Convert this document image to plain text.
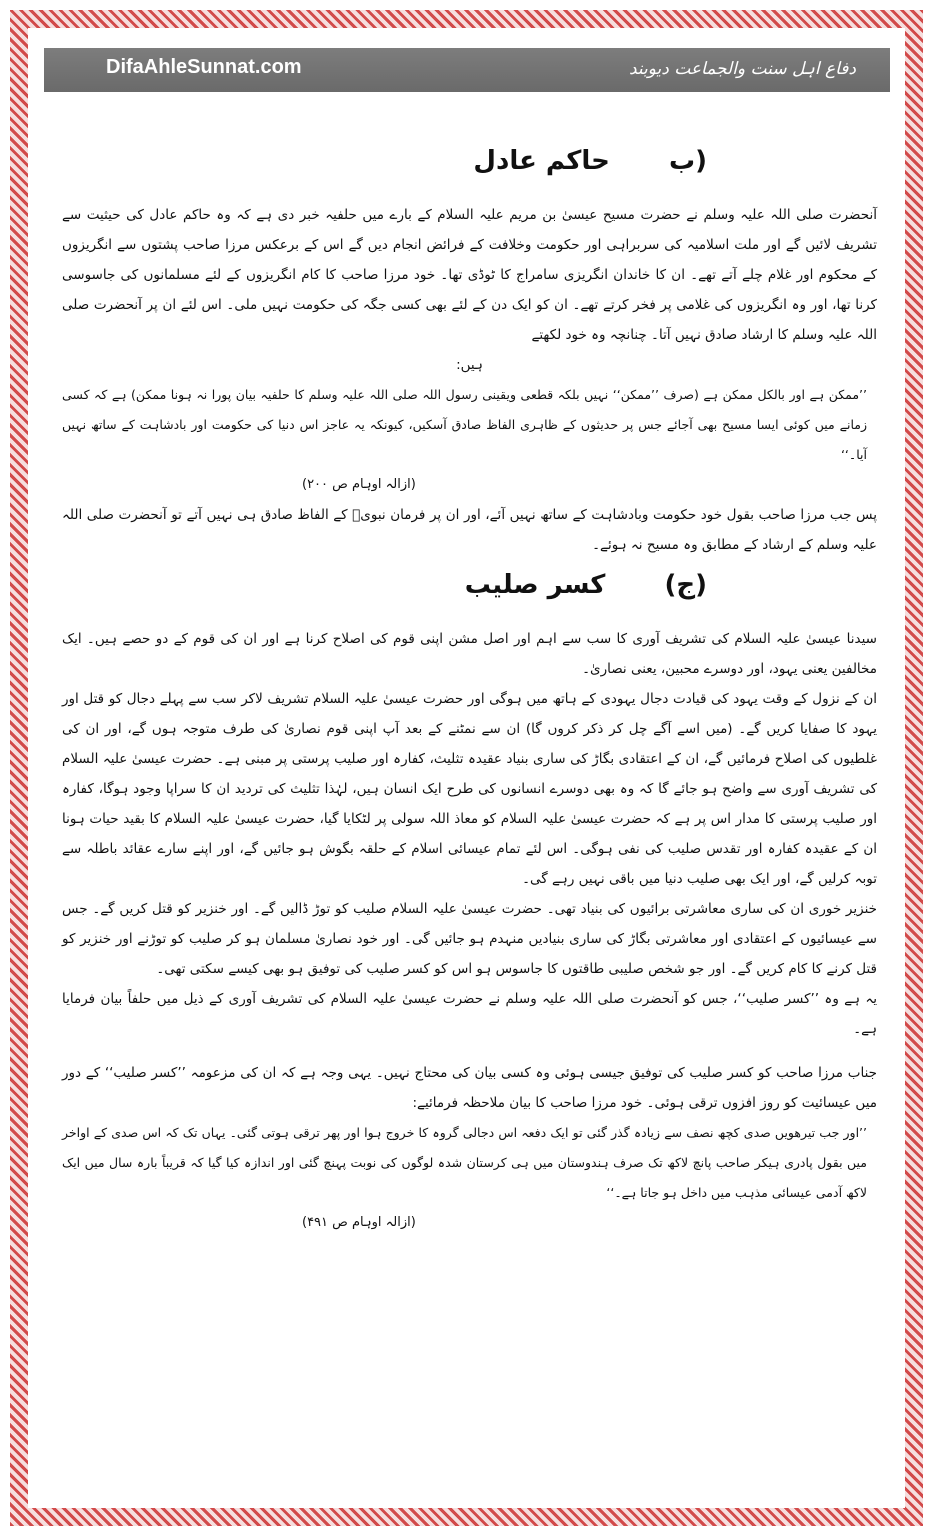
DifaAhleSunnat.com	دفاع اہل سنت والجماعت دیوبند
(ب حاکم عادل

آنحضرت صلی اللہ علیہ وسلم نے حضرت مسیح عیسیٰ بن مریم علیہ السلام کے بارے میں حلفیہ خبر دی ہے کہ وہ حاکم عادل کی حیثیت سے تشریف لائیں گے اور ملت اسلامیہ کی سربراہی اور حکومت وخلافت کے فرائض انجام دیں گے اس کے برعکس مرزا صاحب پشتوں سے انگریزوں کے محکوم اور غلام چلے آتے تھے۔ ان کا خاندان انگریزی سامراج کا ٹوڈی تھا۔ خود مرزا صاحب کا کام انگریزوں کے لئے مسلمانوں کی جاسوسی کرنا تھا، اور وہ انگریزوں کی غلامی پر فخر کرتے تھے۔ ان کو ایک دن کے لئے بھی کسی جگہ کی حکومت نہیں ملی۔ اس لئے ان پر آنحضرت صلی اللہ علیہ وسلم کا ارشاد صادق نہیں آتا۔ چنانچہ وہ خود لکھتے

ہیں:

’’ممکن ہے اور بالکل ممکن ہے (صرف ’’ممکن‘‘ نہیں بلکہ قطعی ویقینی رسول اللہ صلی اللہ علیہ وسلم کا حلفیہ بیان پورا نہ ہونا ممکن) ہے کہ کسی زمانے میں کوئی ایسا مسیح بھی آجائے جس پر حدیثوں کے ظاہری الفاظ صادق آسکیں، کیونکہ یہ عاجز اس دنیا کی حکومت اور بادشاہت کے ساتھ نہیں آیا۔‘‘

(ازالہ اوہام ص ۲۰۰)

پس جب مرزا صاحب بقول خود حکومت وبادشاہت کے ساتھ نہیں آئے، اور ان پر فرمان نبویؐ کے الفاظ صادق ہی نہیں آتے تو آنحضرت صلی اللہ علیہ وسلم کے ارشاد کے مطابق وہ مسیح نہ ہوئے۔

(ج) کسر صلیب

سیدنا عیسیٰ علیہ السلام کی تشریف آوری کا سب سے اہم اور اصل مشن اپنی قوم کی اصلاح کرنا ہے اور ان کی قوم کے دو حصے ہیں۔ ایک مخالفین یعنی یہود، اور دوسرے محبین، یعنی نصاریٰ۔

ان کے نزول کے وقت یہود کی قیادت دجال یہودی کے ہاتھ میں ہوگی اور حضرت عیسیٰ علیہ السلام تشریف لاکر سب سے پہلے دجال کو قتل اور یہود کا صفایا کریں گے۔ (میں اسے آگے چل کر ذکر کروں گا) ان سے نمٹنے کے بعد آپ اپنی قوم نصاریٰ کی طرف متوجہ ہوں گے، اور ان کی غلطیوں کی اصلاح فرمائیں گے، ان کے اعتقادی بگاڑ کی ساری بنیاد عقیدہ تثلیث، کفارہ اور صلیب پرستی پر مبنی ہے۔ حضرت عیسیٰ علیہ السلام کی تشریف آوری سے واضح ہو جائے گا کہ وہ بھی دوسرے انسانوں کی طرح ایک انسان ہیں، لہٰذا تثلیث کی تردید ان کا سراپا وجود ہوگا، کفارہ اور صلیب پرستی کا مدار اس پر ہے کہ حضرت عیسیٰ علیہ السلام کو معاذ اللہ سولی پر لٹکایا گیا، حضرت عیسیٰ علیہ السلام کا بقید حیات ہونا ان کے عقیدہ کفارہ اور تقدس صلیب کی نفی ہوگی۔ اس لئے تمام عیسائی اسلام کے حلقہ بگوش ہو جائیں گے، اور اپنے سارے عقائد باطلہ سے توبہ کرلیں گے، اور ایک بھی صلیب دنیا میں باقی نہیں رہے گی۔

خنزیر خوری ان کی ساری معاشرتی برائیوں کی بنیاد تھی۔ حضرت عیسیٰ علیہ السلام صلیب کو توڑ ڈالیں گے۔ اور خنزیر کو قتل کریں گے۔ جس سے عیسائیوں کے اعتقادی اور معاشرتی بگاڑ کی ساری بنیادیں منہدم ہو جائیں گی۔ اور خود نصاریٰ مسلمان ہو کر صلیب کو توڑنے اور خنزیر کو قتل کرنے کا کام کریں گے۔ اور جو شخص صلیبی طاقتوں کا جاسوس ہو اس کو کسر صلیب کی توفیق ہو بھی کیسے سکتی تھی۔

یہ ہے وہ ’’کسر صلیب‘‘، جس کو آنحضرت صلی اللہ علیہ وسلم نے حضرت عیسیٰ علیہ السلام کی تشریف آوری کے ذیل میں حلفاً بیان فرمایا ہے۔

جناب مرزا صاحب کو کسر صلیب کی توفیق جیسی ہوئی وہ کسی بیان کی محتاج نہیں۔ یہی وجہ ہے کہ ان کی مزعومہ ’’کسر صلیب‘‘ کے دور میں عیسائیت کو روز افزوں ترقی ہوئی۔ خود مرزا صاحب کا بیان ملاحظہ فرمائیے:

’’اور جب تیرھویں صدی کچھ نصف سے زیادہ گذر گئی تو ایک دفعہ اس دجالی گروہ کا خروج ہوا اور پھر ترقی ہوتی گئی۔ یہاں تک کہ اس صدی کے اواخر میں بقول پادری ہیکر صاحب پانچ لاکھ تک صرف ہندوستان میں ہی کرستان شدہ لوگوں کی نوبت پہنچ گئی اور اندازہ کیا گیا کہ قریباً بارہ سال میں ایک لاکھ آدمی عیسائی مذہب میں داخل ہو جاتا ہے۔‘‘

(ازالہ اوہام ص ۴۹۱)
